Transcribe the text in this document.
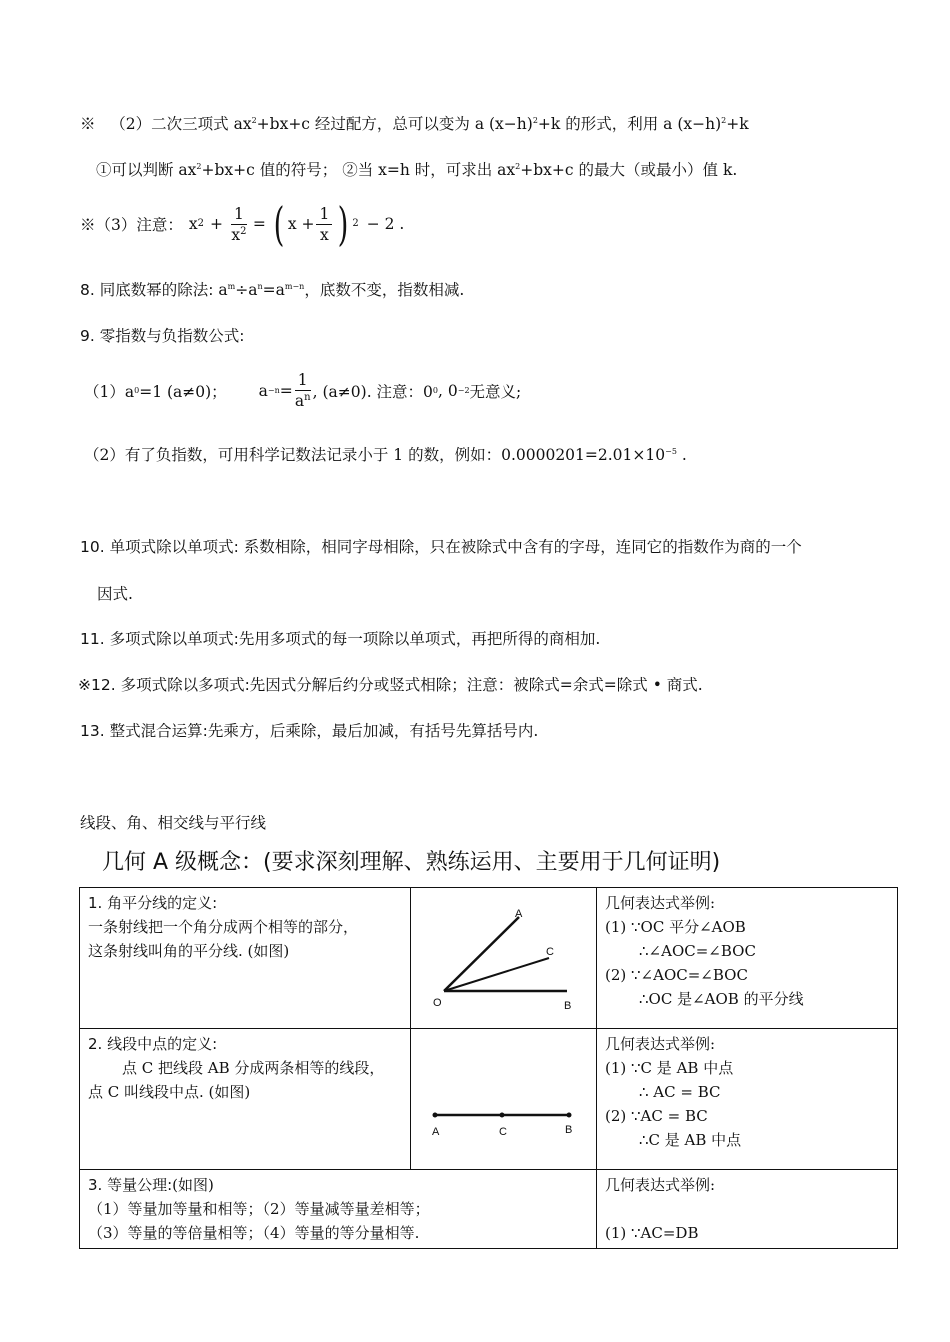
※ （2）二次三项式 $ax^2+bx+c$ 经过配方，总可以变为 a $(x-h)^2+k$ 的形式，利用 a $(x-h)^2+k$
①可以判断 $ax^2+bx+c$ 值的符号； ②当 x=h 时，可求出 $ax^2+bx+c$ 的最大（或最小）值 k.
※（3）注意： x $2 + \frac{1}{x^2}$ = ( $x + \frac{1}{x}$ ) 2 − 2 .
8. 同底数幂的除法: $a^m\div a^n=a^{m-n}$，底数不变，指数相减.
9. 零指数与负指数公式:
（1）a 0 =1 (a≠0)； $a -n = \frac{1}{a^n}$ , (a≠0). 注意：0 0 , 0 −2 无意义;
（2）有了负指数，可用科学记数法记录小于 1 的数，例如：$0.0000201=2.01\times 10^{-5}$ .
10. 单项式除以单项式: 系数相除，相同字母相除，只在被除式中含有的字母，连同它的指数作为商的一个
因式.
11. 多项式除以单项式:先用多项式的每一项除以单项式，再把所得的商相加.
※12. 多项式除以多项式:先因式分解后约分或竖式相除；注意：被除式=余式=除式 • 商式.
13. 整式混合运算:先乘方，后乘除，最后加减，有括号先算括号内.
线段、角、相交线与平行线
几何 A 级概念：(要求深刻理解、熟练运用、主要用于几何证明)
1. 角平分线的定义:
一条射线把一个角分成两个相等的部分，
这条射线叫角的平分线. (如图)	A
C
O B	几何表达式举例:
(1) ∵OC 平分∠AOB

∴∠AOC=∠BOC
(2) ∵∠AOC=∠BOC

∴OC 是∠AOB 的平分线

2. 线段中点的定义:

点 C 把线段 AB 分成两条相等的线段，
点 C 叫线段中点. (如图)	A C B	几何表达式举例:
(1) ∵C 是 AB 中点

∴ AC = BC
(2) ∵AC = BC

∴C 是 AB 中点

3. 等量公理:(如图)
（1）等量加等量和相等；（2）等量减等量差相等；
（3）等量的等倍量相等；（4）等量的等分量相等.		几何表达式举例:

(1) ∵AC=DB
